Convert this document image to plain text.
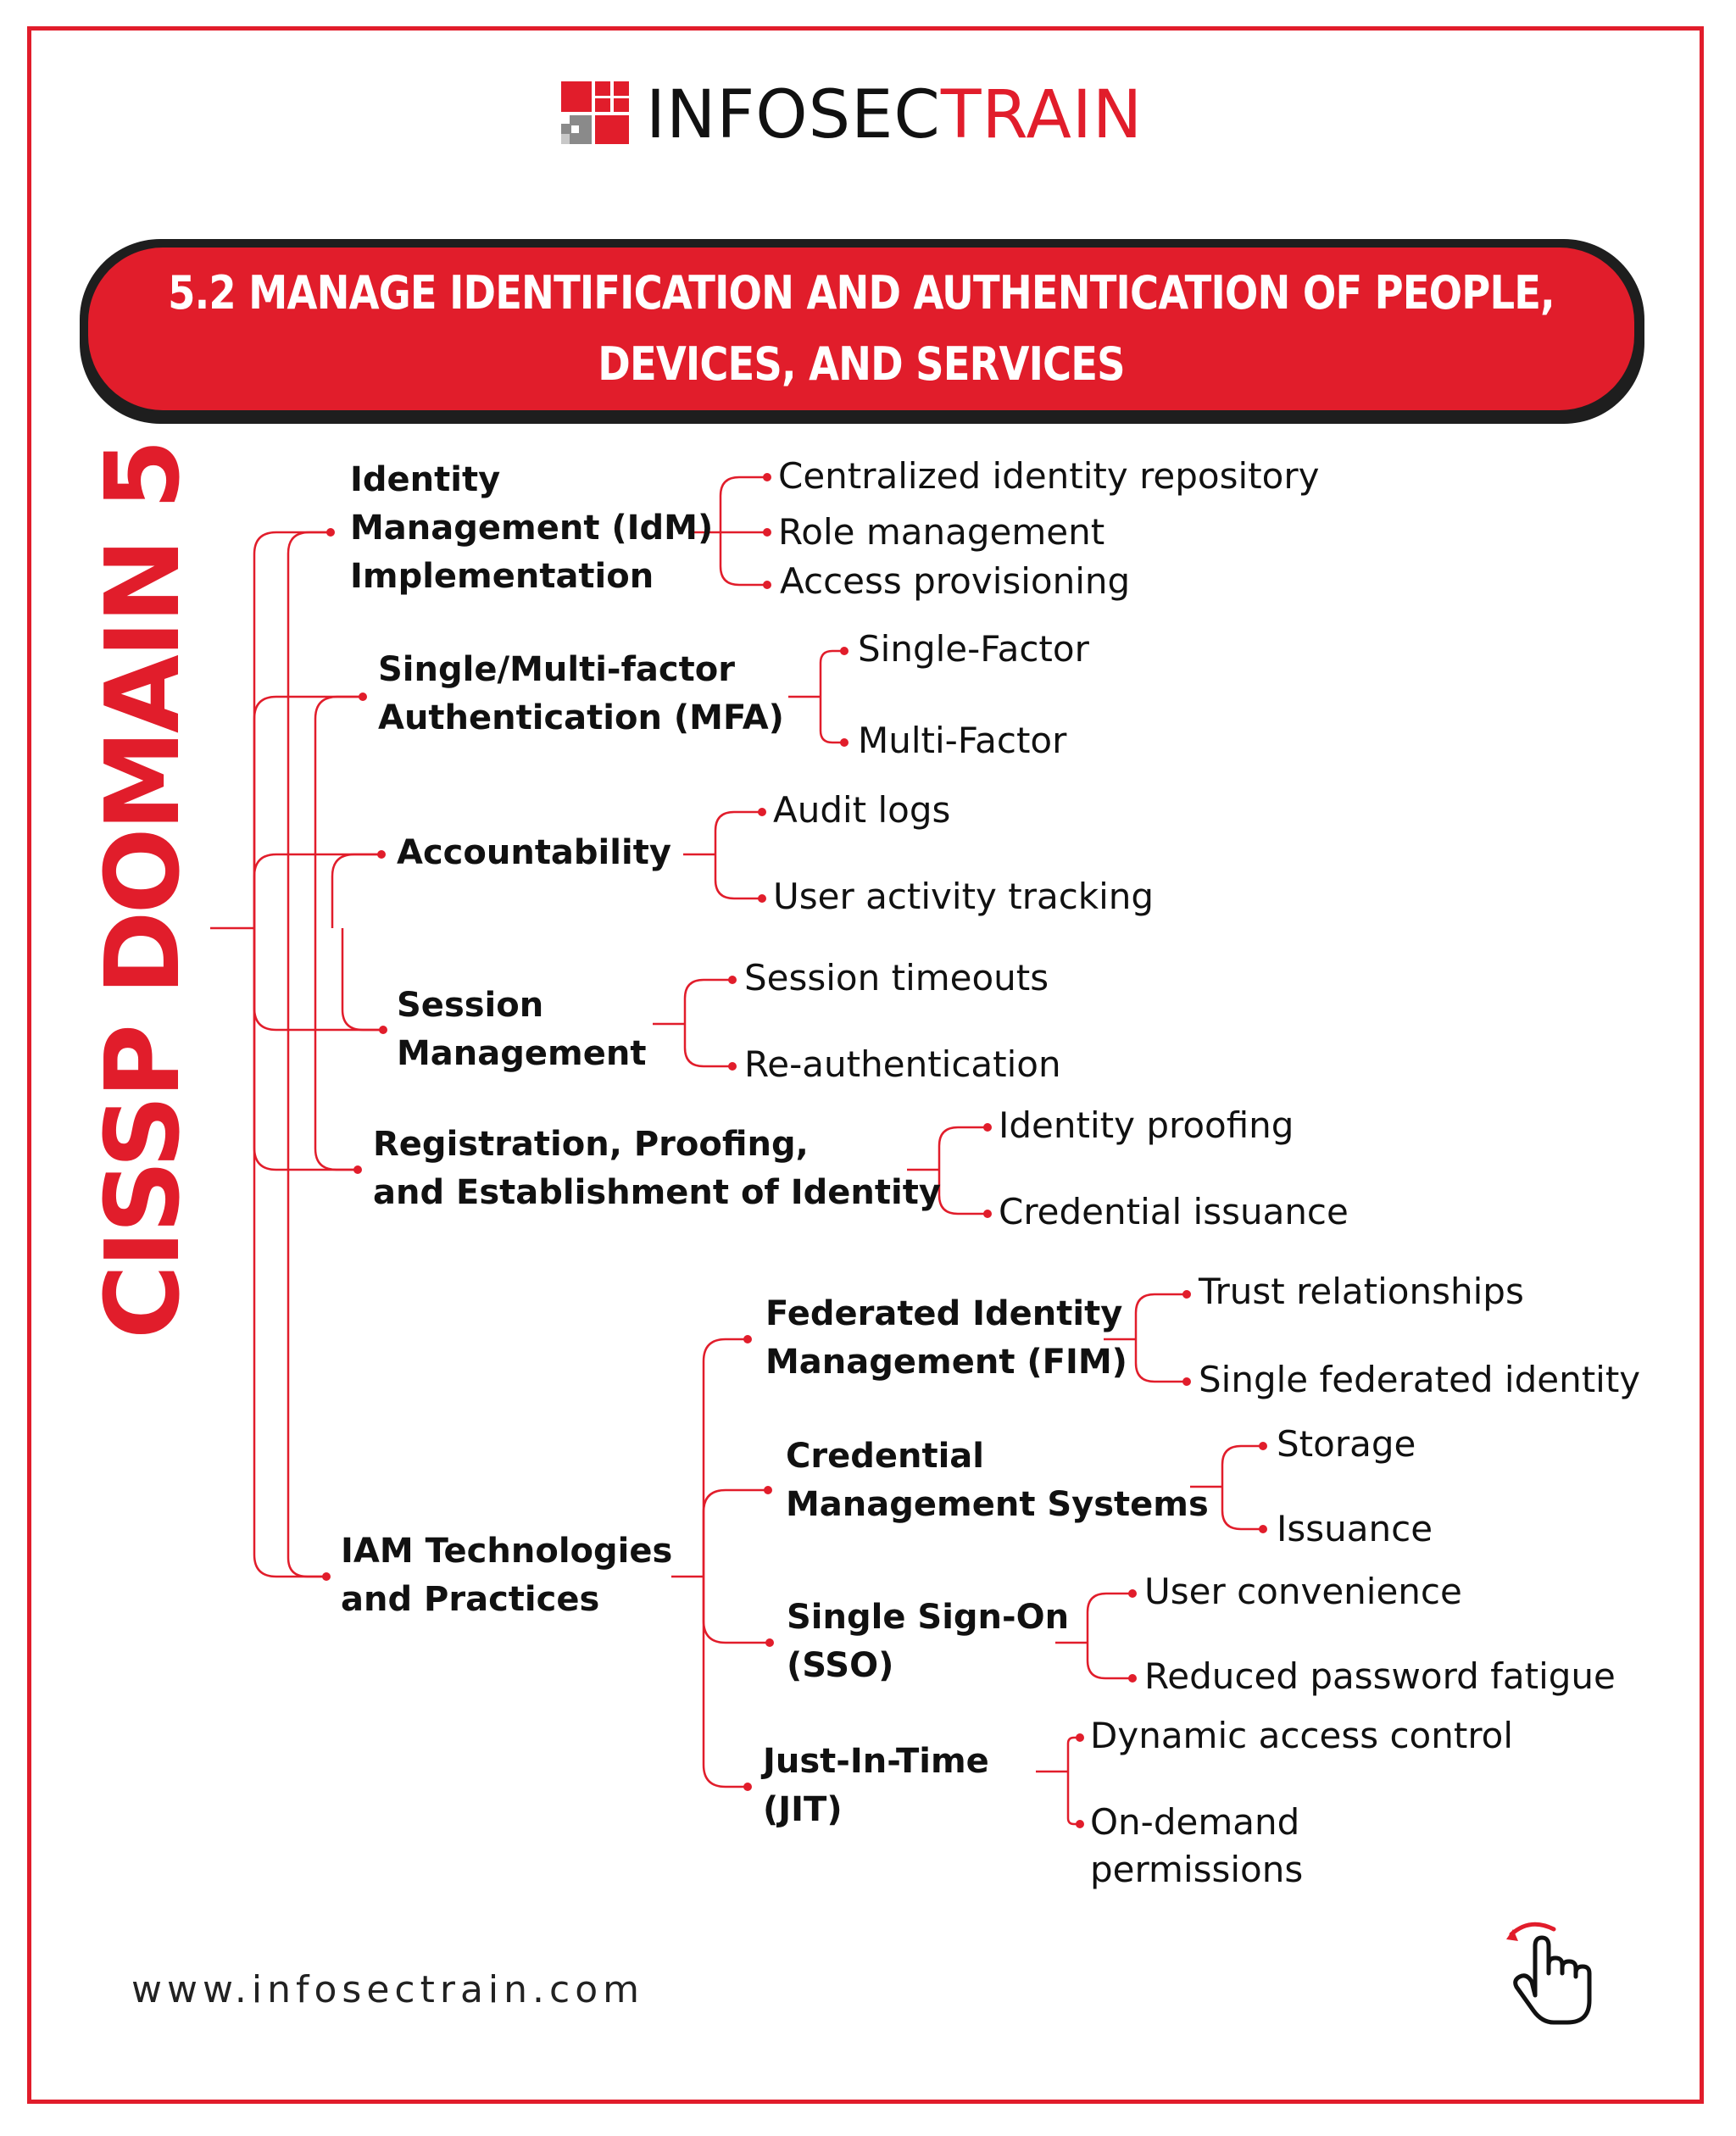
INFOSECTRAIN
5.2 MANAGE IDENTIFICATION AND AUTHENTICATION OF PEOPLE,
DEVICES, AND SERVICES
CISSP DOMAIN 5	Identity
Management (IdM)
Implementation
Centralized identity repository
Role management
Access provisioning
Single/Multi-factor
Authentication (MFA)
Single-Factor
Multi-Factor
Accountability
Audit logs
User activity tracking
Session
Management
Session timeouts
Re-authentication
Registration, Proofing,
and Establishment of Identity
Identity proofing
Credential issuance
IAM Technologies
and Practices
Federated Identity
Management (FIM)
Trust relationships
Single federated identity
Credential
Management Systems
Storage
Issuance
Single Sign-On
(SSO)
User convenience
Reduced password fatigue
Just-In-Time
(JIT)
Dynamic access control
On-demand permissions
www.infosectrain.com
